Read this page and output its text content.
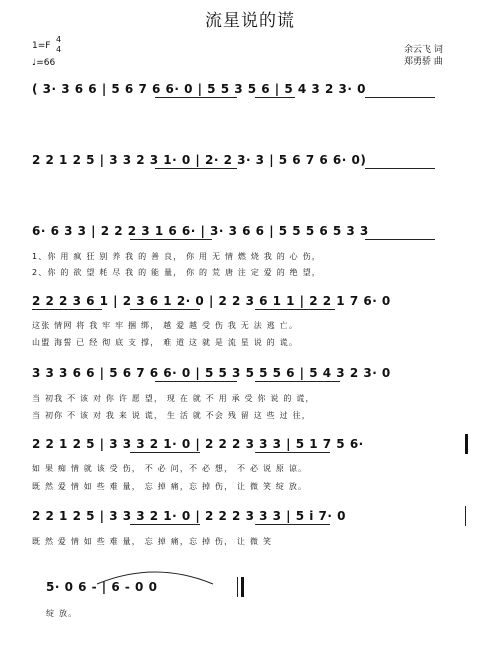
流星说的谎
1=F
4
4
♩=66
余云飞 词
郑勇骄 曲
( 3· 3 6 6 | 5 6 7 6 6· 0 | 5 5 3 5 6 | 5 4 3 2 3· 0
2 2 1 2 5 | 3 3 2 3 1· 0 | 2· 2 3· 3 | 5 6 7 6 6· 0)
6· 6 3 3 | 2 2 2 3 1 6 6· | 3· 3 6 6 | 5 5 5 6 5 3 3
1、你 用 疯 狂 别 养 我 的 善 良， 你 用 无 情 燃 烧 我 的 心 伤，
2、你 的 欲 望 耗 尽 我 的 能 量， 你 的 荒 唐 注 定 爱 的 绝 望，
2 2 2 3 6 1 | 2 3 6 1 2· 0 | 2 2 3 6 1 1 | 2 2 1 7 6· 0
这张 情网 将 我 牢 牢 捆 绑， 越 爱 越 受 伤 我 无 法 逃 亡。
山盟 海誓 已 经 彻 底 支 撑， 难 道 这 就 是 流 星 说 的 谎。
3 3 3 6 6 | 5 6 7 6 6· 0 | 5 5 3 5 5 5 6 | 5 4 3 2 3· 0
当 初我 不 该 对 你 许 愿 望， 现 在 就 不 用 承 受 你 说 的 谎，
当 初你 不 该 对 我 来 说 谎， 生 活 就 不会 残 留 这 些 过 往，
2 2 1 2 5 | 3 3 3 2 1· 0 | 2 2 2 3 3 3 | 5 1 7 5 6·
如 果 痴 情 就 该 受 伤， 不 必 问，不 必 想， 不 必 说 原 谅。
既 然 爱 情 如 些 难 量， 忘 掉 痛，忘 掉 伤， 让 微 笑 绽 放。
2 2 1 2 5 | 3 3 3 2 1· 0 | 2 2 2 3 3 3 | 5 i 7· 0
既 然 爱 情 如 些 难 量， 忘 掉 痛，忘 掉 伤， 让 微 笑
5· 0 6 - | 6 - 0 0
绽 放。
